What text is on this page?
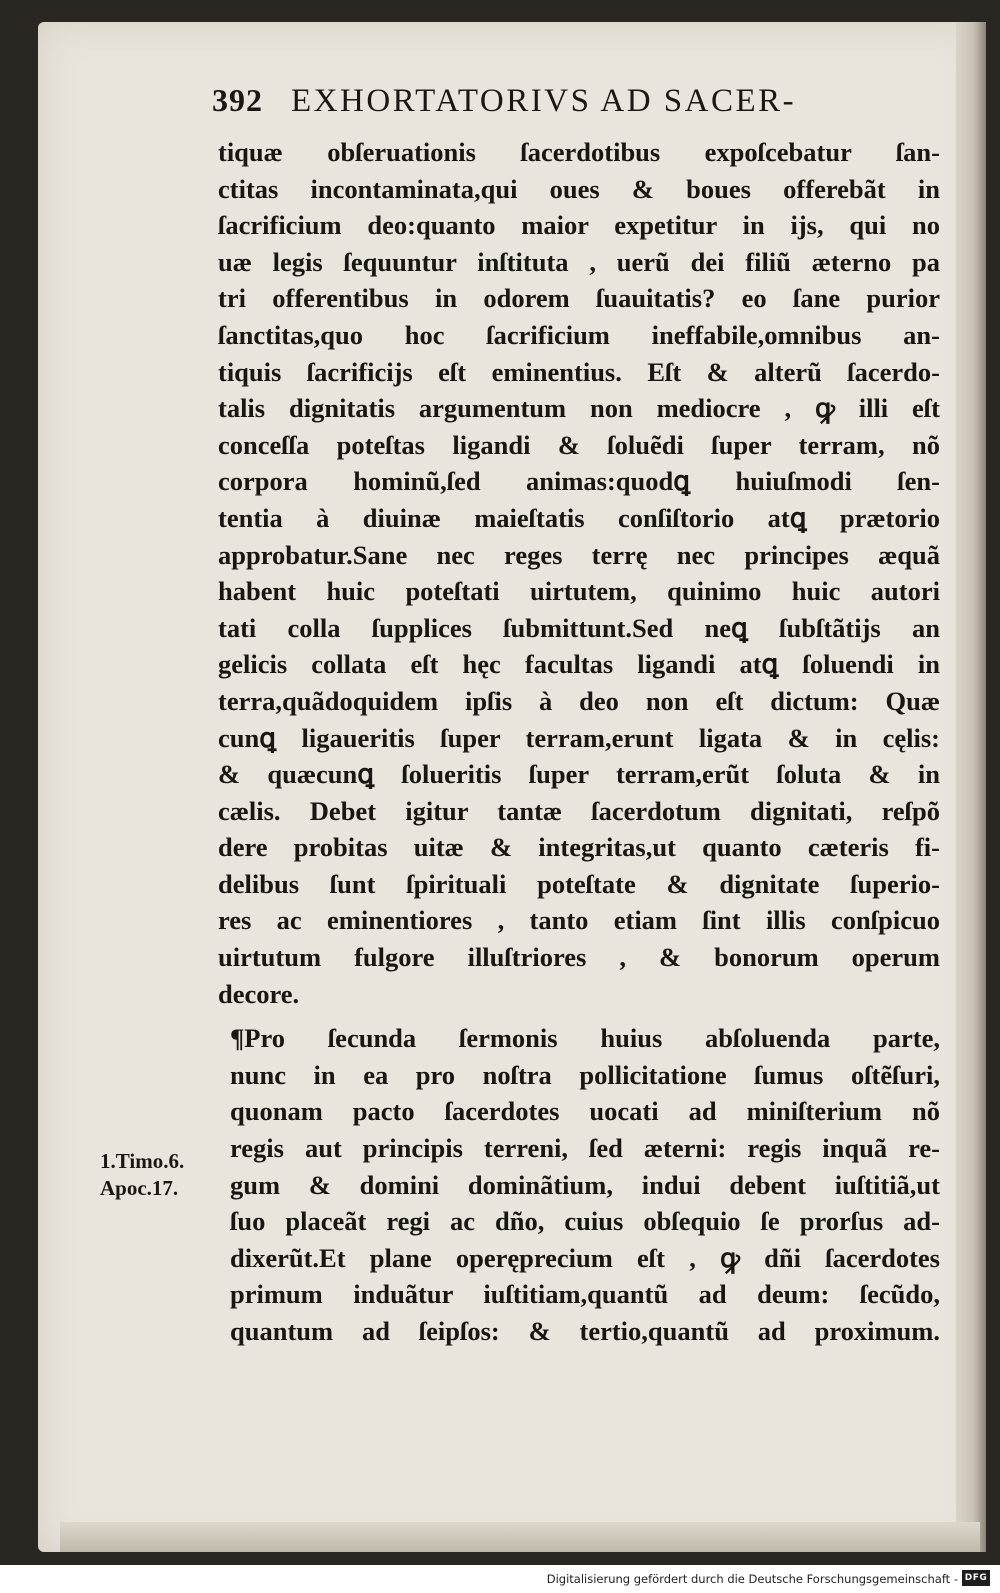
392 EXHORTATORIVS AD SACER-
tiquæ obſeruationis ſacerdotibus expoſcebatur ſan-
ctitas incontaminata,qui oues & boues offerebãt in
ſacrificium deo:quanto maior expetitur in ijs, qui no
uæ legis ſequuntur inſtituta , uerũ dei filiũ æterno pa
tri offerentibus in odorem ſuauitatis? eo ſane purior
ſanctitas,quo hoc ſacrificium ineffabile,omnibus an-
tiquis ſacrificijs eſt eminentius. Eſt & alterũ ſacerdo-
talis dignitatis argumentum non mediocre , ꝙ illi eſt
conceſſa poteſtas ligandi & ſoluẽdi ſuper terram, nõ
corpora hominũ,ſed animas:quodꝗ huiuſmodi ſen-
tentia à diuinæ maieſtatis conſiſtorio atꝗ prætorio
approbatur.Sane nec reges terrę nec principes æquã
habent huic poteſtati uirtutem, quinimo huic autori
tati colla ſupplices ſubmittunt.Sed neꝗ ſubſtãtijs an
gelicis collata eſt hęc facultas ligandi atꝗ ſoluendi in
terra,quãdoquidem ipſis à deo non eſt dictum: Quæ
cunꝗ ligaueritis ſuper terram,erunt ligata & in cęlis:
& quæcunꝗ ſolueritis ſuper terram,erũt ſoluta & in
cælis. Debet igitur tantæ ſacerdotum dignitati, reſpõ
dere probitas uitæ & integritas,ut quanto cæteris fi-
delibus ſunt ſpirituali poteſtate & dignitate ſuperio-
res ac eminentiores , tanto etiam ſint illis conſpicuo
uirtutum fulgore illuſtriores , & bonorum operum
decore.
¶Pro ſecunda ſermonis huius abſoluenda parte,
nunc in ea pro noſtra pollicitatione ſumus oſtẽſuri,
quonam pacto ſacerdotes uocati ad miniſterium nõ
regis aut principis terreni, ſed æterni: regis inquã re-
gum & domini dominãtium, indui debent iuſtitiã,ut
ſuo placeãt regi ac dño, cuius obſequio ſe prorſus ad-
dixerũt.Et plane operęprecium eſt , ꝙ dñi ſacerdotes
primum induãtur iuſtitiam,quantũ ad deum: ſecũdo,
quantum ad ſeipſos: & tertio,quantũ ad proximum.
1.Timo.6.
Apoc.17.
Digitalisierung gefördert durch die Deutsche Forschungsgemeinschaft - DFG
